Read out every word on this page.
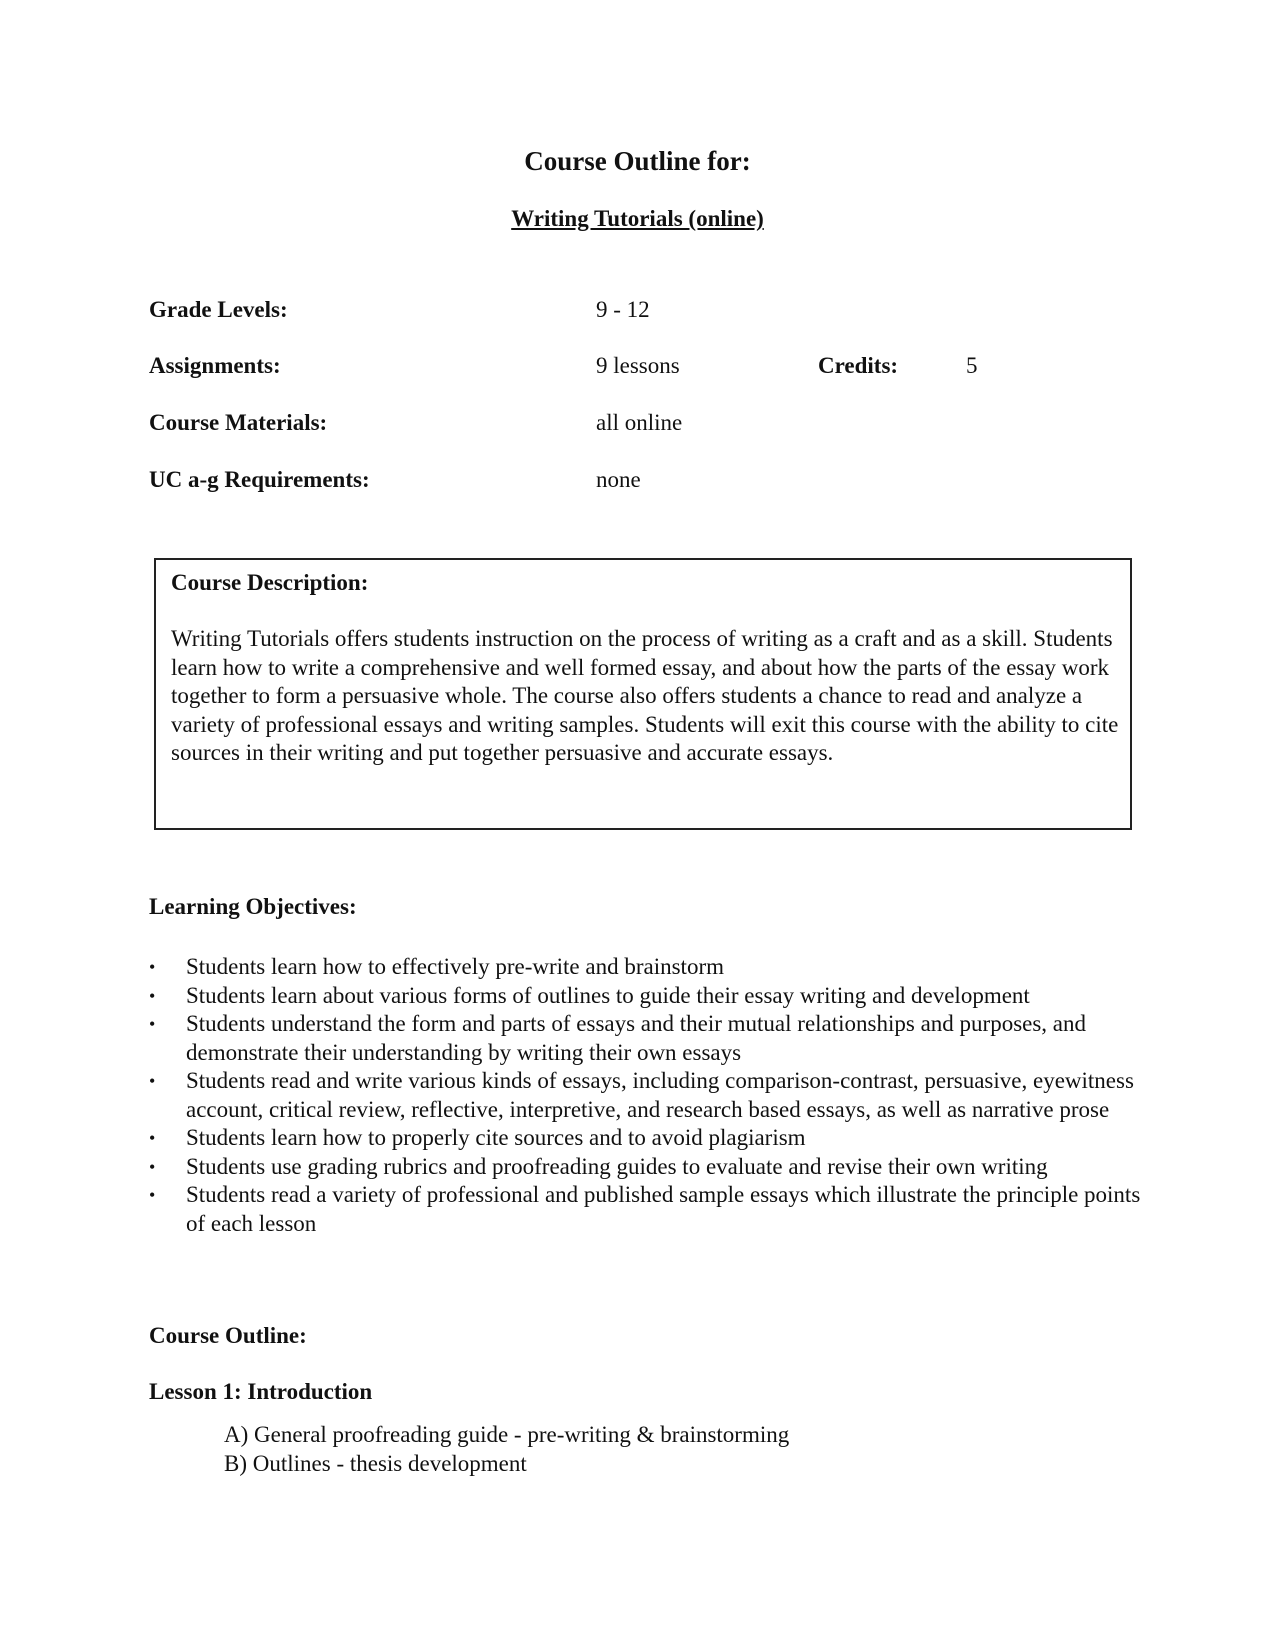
Course Outline for:
Writing Tutorials (online)
Grade Levels:	9 - 12
Assignments:	9 lessons	Credits:	5
Course Materials:	all online
UC a-g Requirements:	none
Course Description:
Writing Tutorials offers students instruction on the process of writing as a craft and as a skill. Students learn how to write a comprehensive and well formed essay, and about how the parts of the essay work together to form a persuasive whole. The course also offers students a chance to read and analyze a variety of professional essays and writing samples. Students will exit this course with the ability to cite sources in their writing and put together persuasive and accurate essays.
Learning Objectives:
• Students learn how to effectively pre-write and brainstorm
• Students learn about various forms of outlines to guide their essay writing and development
• Students understand the form and parts of essays and their mutual relationships and purposes, and demonstrate their understanding by writing their own essays
• Students read and write various kinds of essays, including comparison-contrast, persuasive, eyewitness account, critical review, reflective, interpretive, and research based essays, as well as narrative prose
• Students learn how to properly cite sources and to avoid plagiarism
• Students use grading rubrics and proofreading guides to evaluate and revise their own writing
• Students read a variety of professional and published sample essays which illustrate the principle points of each lesson
Course Outline:
Lesson 1: Introduction
A) General proofreading guide - pre-writing & brainstorming
B) Outlines - thesis development
